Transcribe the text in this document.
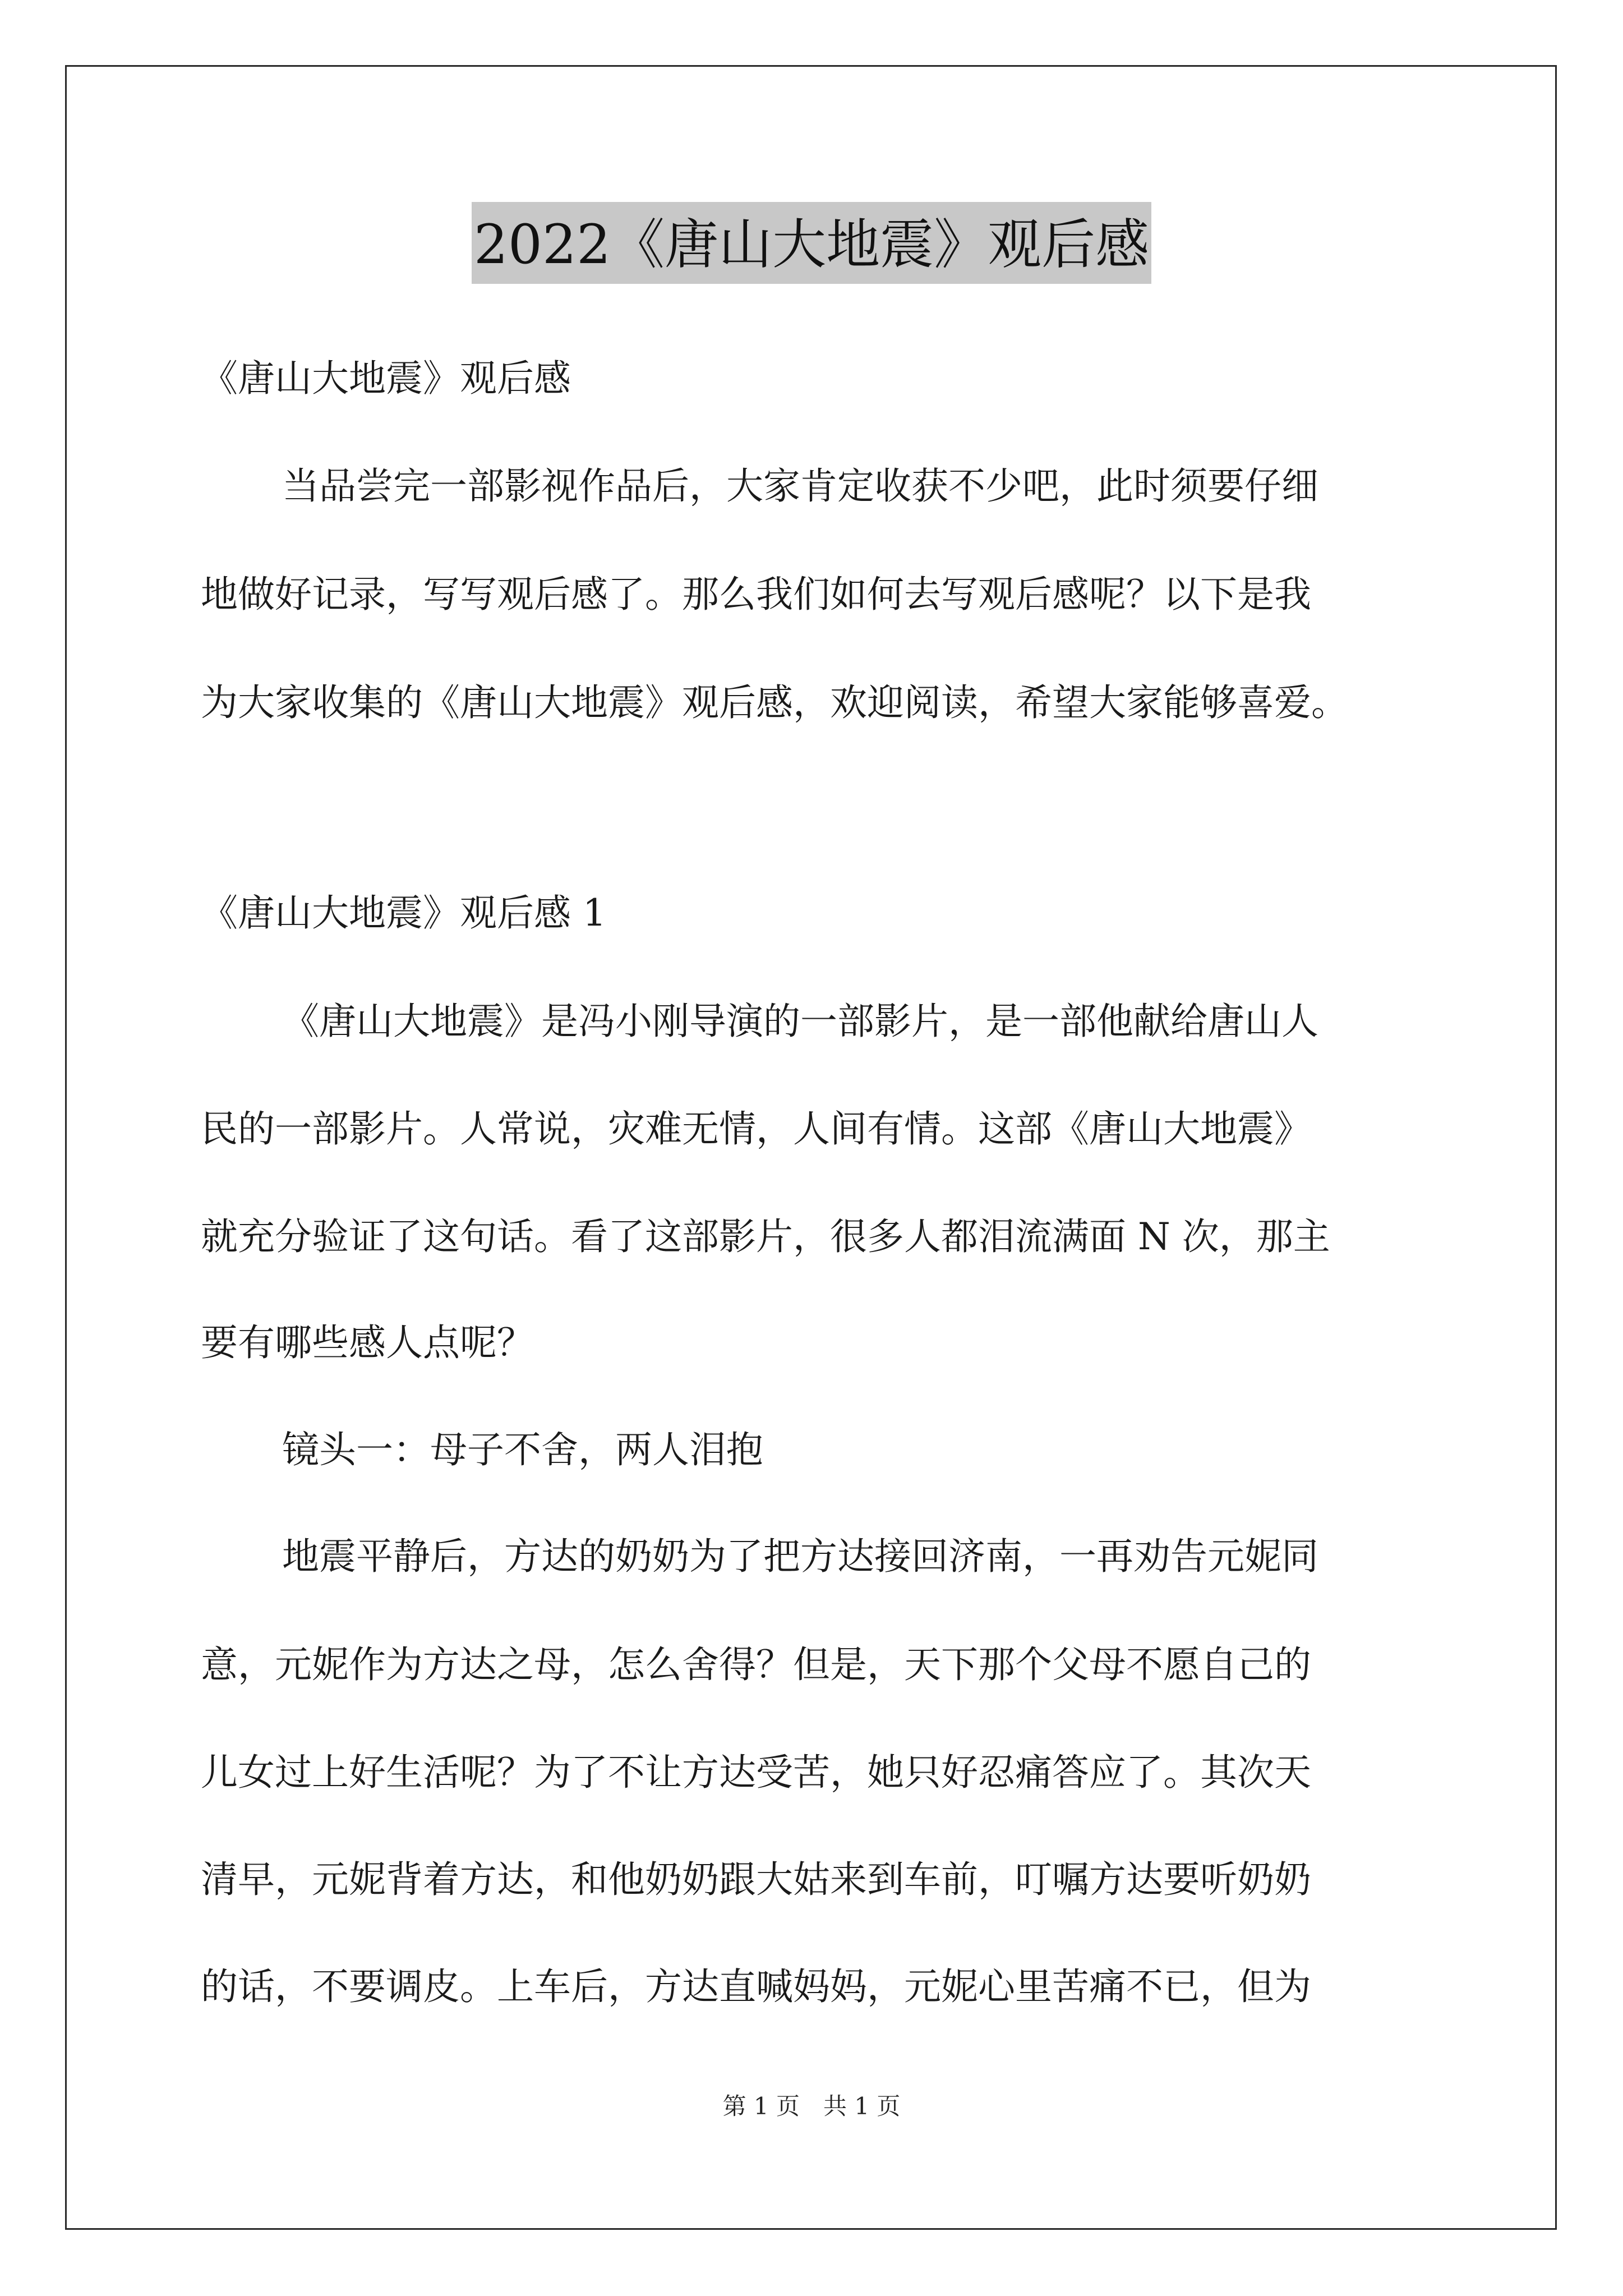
2022《唐山大地震》观后感
《唐山大地震》观后感
当品尝完一部影视作品后，大家肯定收获不少吧，此时须要仔细
地做好记录，写写观后感了。那么我们如何去写观后感呢？以下是我
为大家收集的《唐山大地震》观后感，欢迎阅读，希望大家能够喜爱。
《唐山大地震》观后感 1
《唐山大地震》是冯小刚导演的一部影片，是一部他献给唐山人
民的一部影片。人常说，灾难无情，人间有情。这部《唐山大地震》
就充分验证了这句话。看了这部影片，很多人都泪流满面 N 次，那主
要有哪些感人点呢？
镜头一：母子不舍，两人泪抱
地震平静后，方达的奶奶为了把方达接回济南，一再劝告元妮同
意，元妮作为方达之母，怎么舍得？但是，天下那个父母不愿自己的
儿女过上好生活呢？为了不让方达受苦，她只好忍痛答应了。其次天
清早，元妮背着方达，和他奶奶跟大姑来到车前，叮嘱方达要听奶奶
的话，不要调皮。上车后，方达直喊妈妈，元妮心里苦痛不已，但为
第 1 页　共 1 页
